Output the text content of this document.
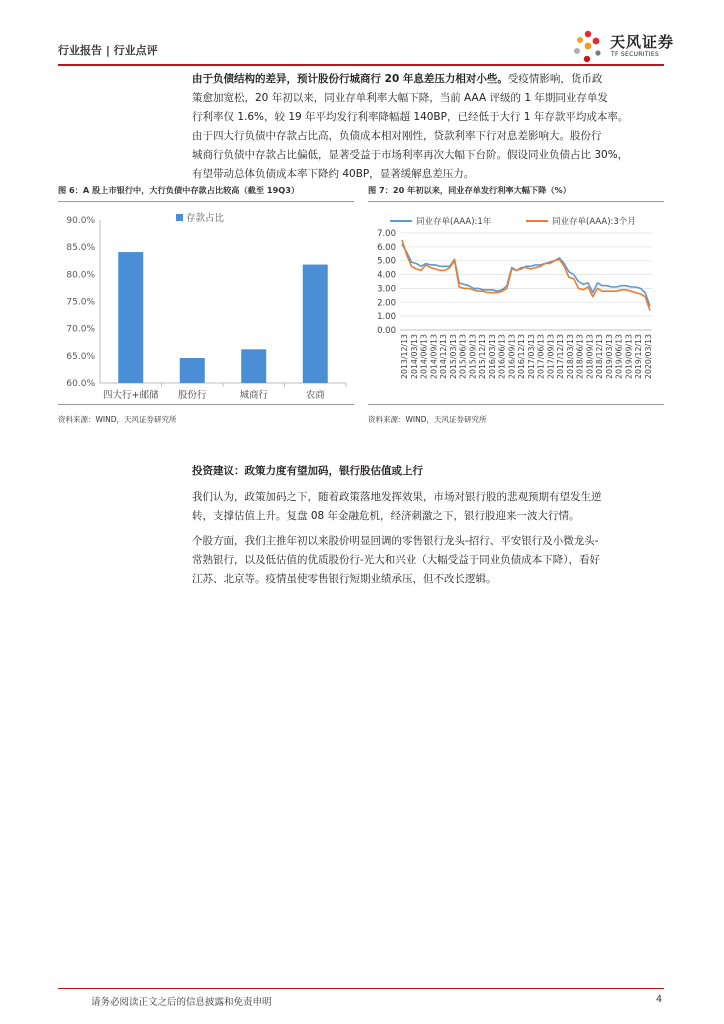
行业报告 | 行业点评	天风证券
TF SECURITIES
由于负债结构的差异，预计股份行城商行 20 年息差压力相对小些。受疫情影响，货币政
策愈加宽松，20 年初以来，同业存单利率大幅下降，当前 AAA 评级的 1 年期同业存单发
行利率仅 1.6%，较 19 年平均发行利率降幅超 140BP，已经低于大行 1 年存款平均成本率。
由于四大行负债中存款占比高，负债成本相对刚性，贷款利率下行对息差影响大。股份行
城商行负债中存款占比偏低，显著受益于市场利率再次大幅下台阶。假设同业负债占比 30%，
有望带动总体负债成本率下降约 40BP，显著缓解息差压力。
图 6：A 股上市银行中，大行负债中存款占比较高（截至 19Q3）
90.0%
85.0%
80.0%
75.0%
70.0%
65.0%
60.0%
存款占比
四大行+邮储 股份行	城商行	农商
资料来源：WIND，天风证券研究所
图 7：20 年初以来，同业存单发行利率大幅下降（%）
7.00
6.00
5.00
4.00
3.00
2.00
1.00
0.00
同业存单(AAA):1年	同业存单(AAA):3个月
2013/12/13 2014/03/13 2014/06/13 2014/09/13 2014/12/13 2015/03/13 2015/06/13 2015/09/13 2015/12/13 2016/03/13 2016/06/13 2016/09/13 2016/12/13 2017/03/13 2017/06/13 2017/09/13 2017/12/13 2018/03/13 2018/06/13 2018/09/13 2018/12/13 2019/03/13 2019/06/13 2019/09/13 2019/12/13 2020/03/13
资料来源：WIND，天风证券研究所
投资建议：政策力度有望加码，银行股估值或上行
我们认为，政策加码之下，随着政策落地发挥效果，市场对银行股的悲观预期有望发生逆
转，支撑估值上升。复盘 08 年金融危机，经济刺激之下，银行股迎来一波大行情。
个股方面，我们主推年初以来股价明显回调的零售银行龙头-招行、平安银行及小微龙头-
常熟银行，以及低估值的优质股份行-光大和兴业（大幅受益于同业负债成本下降），看好
江苏、北京等。疫情虽使零售银行短期业绩承压，但不改长逻辑。
请务必阅读正文之后的信息披露和免责申明	4
